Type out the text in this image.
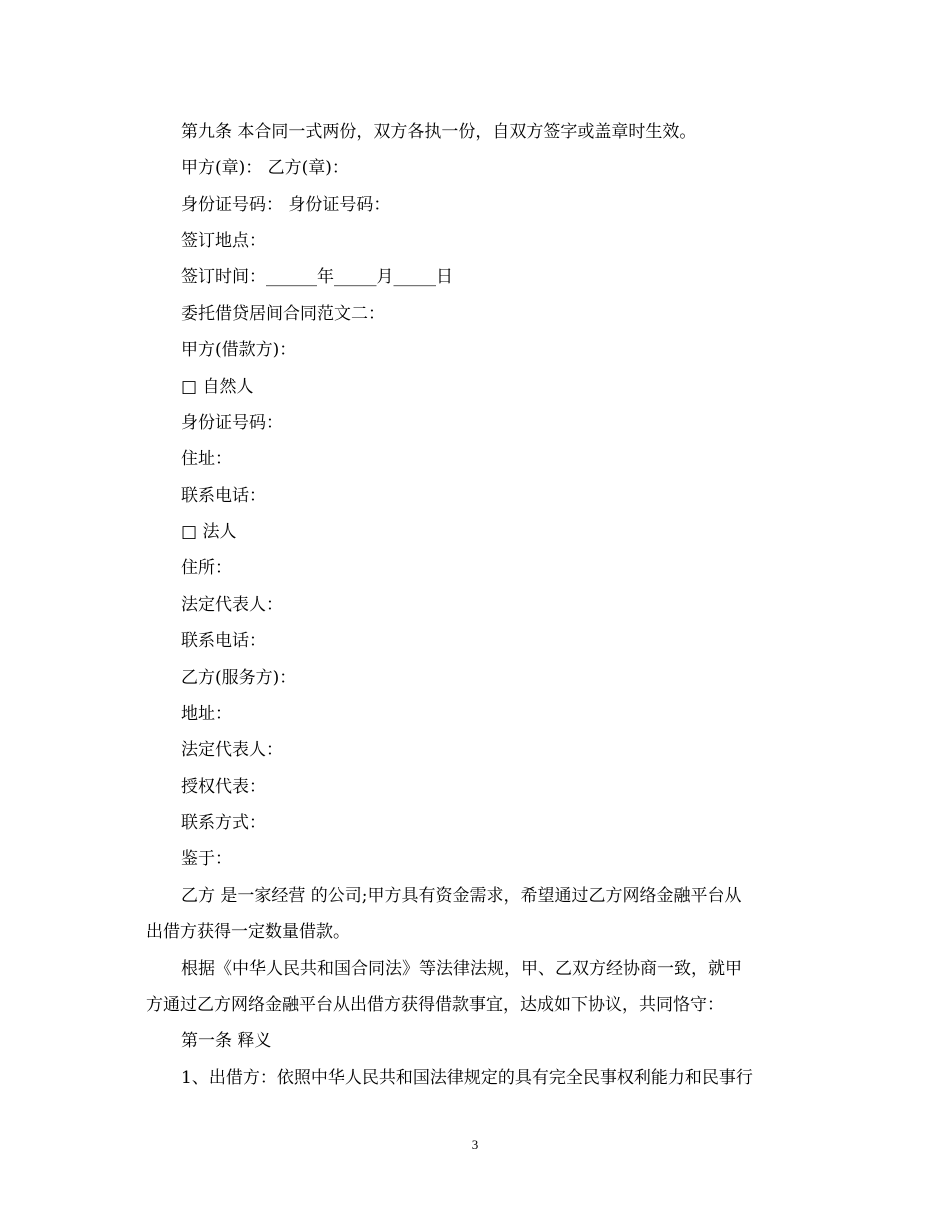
第九条 本合同一式两份，双方各执一份，自双方签字或盖章时生效。
甲方(章)： 乙方(章)：
身份证号码： 身份证号码：
签订地点：
签订时间：______年_____月_____日
委托借贷居间合同范文二：
甲方(借款方)：
□ 自然人
身份证号码：
住址：
联系电话：
□ 法人
住所：
法定代表人：
联系电话：
乙方(服务方)：
地址：
法定代表人：
授权代表：
联系方式：
鉴于：
乙方 是一家经营 的公司;甲方具有资金需求，希望通过乙方网络金融平台从
出借方获得一定数量借款。
根据《中华人民共和国合同法》等法律法规，甲、乙双方经协商一致，就甲
方通过乙方网络金融平台从出借方获得借款事宜，达成如下协议，共同恪守：
第一条 释义
1、出借方：依照中华人民共和国法律规定的具有完全民事权利能力和民事行
3
